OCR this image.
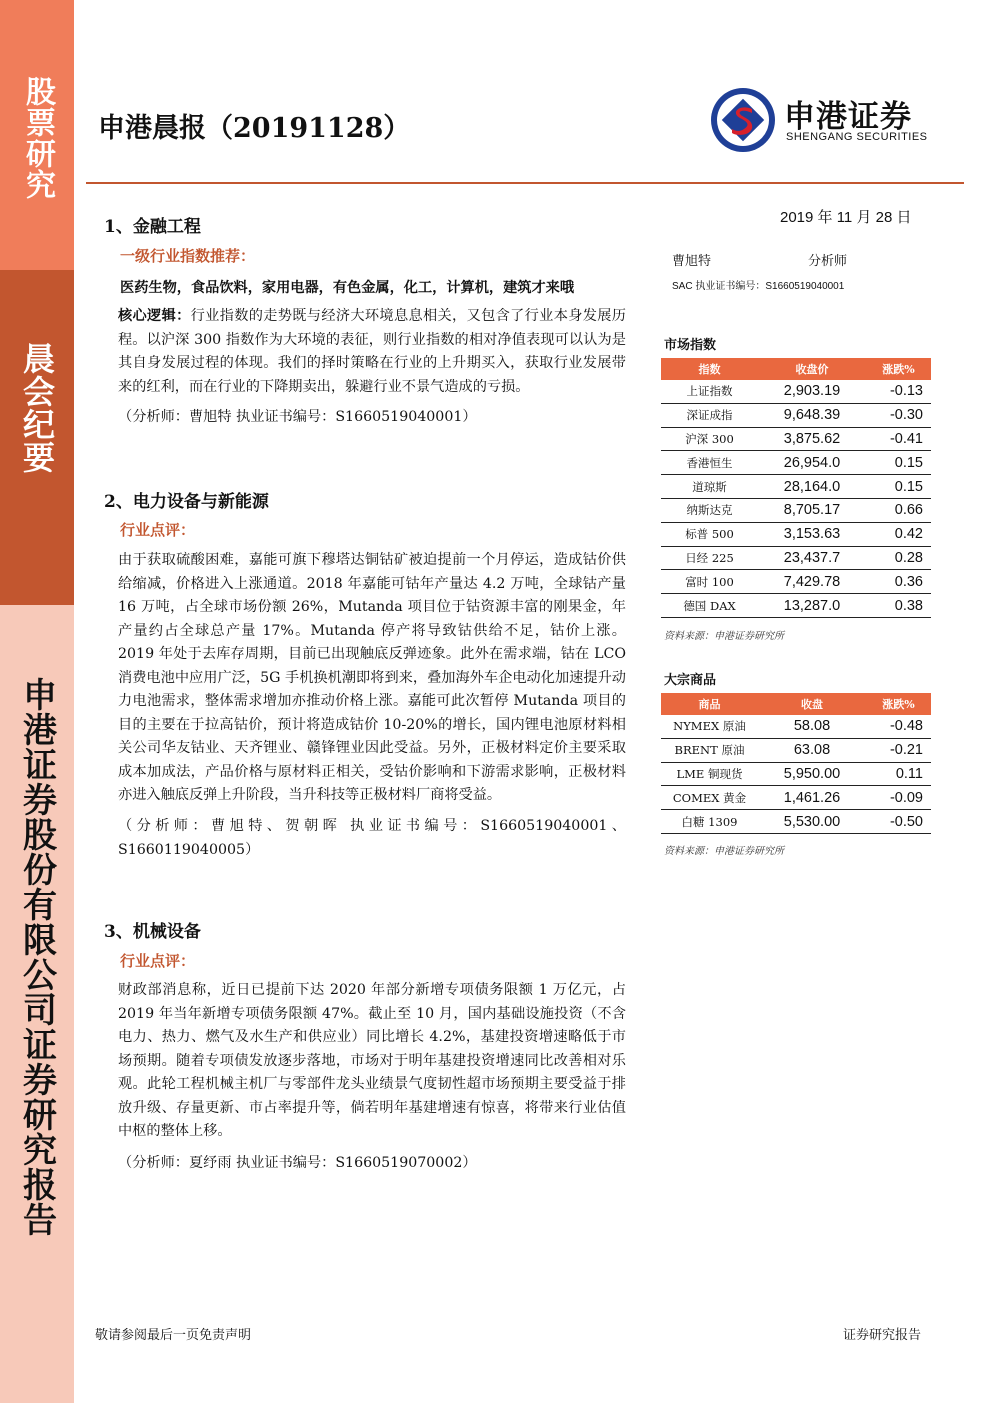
股票研究
晨会纪要
申港证券股份有限公司证券研究报告
申港晨报（20191128）	申港证券
SHENGANG SECURITIES
2019 年 11 月 28 日
曹旭特	分析师
SAC 执业证书编号：S1660519040001
1、金融工程
一级行业指数推荐：
医药生物，食品饮料，家用电器，有色金属，化工，计算机，建筑才来哦
核心逻辑：行业指数的走势既与经济大环境息息相关，又包含了行业本身发展历程。以沪深 300 指数作为大环境的表征，则行业指数的相对净值表现可以认为是其自身发展过程的体现。我们的择时策略在行业的上升期买入，获取行业发展带来的红利，而在行业的下降期卖出，躲避行业不景气造成的亏损。
（分析师：曹旭特 执业证书编号：S1660519040001）
2、电力设备与新能源
行业点评：
由于获取硫酸困难，嘉能可旗下穆塔达铜钴矿被迫提前一个月停运，造成钴价供给缩减，价格进入上涨通道。2018 年嘉能可钴年产量达 4.2 万吨，全球钴产量 16 万吨，占全球市场份额 26%，Mutanda 项目位于钴资源丰富的刚果金，年产量约占全球总产量 17%。Mutanda 停产将导致钴供给不足，钴价上涨。2019 年处于去库存周期，目前已出现触底反弹迹象。此外在需求端，钴在 LCO 消费电池中应用广泛，5G 手机换机潮即将到来，叠加海外车企电动化加速提升动力电池需求，整体需求增加亦推动价格上涨。嘉能可此次暂停 Mutanda 项目的目的主要在于拉高钴价，预计将造成钴价 10-20%的增长，国内锂电池原材料相关公司华友钴业、天齐锂业、赣锋锂业因此受益。另外，正极材料定价主要采取成本加成法，产品价格与原材料正相关，受钴价影响和下游需求影响，正极材料亦进入触底反弹上升阶段，当升科技等正极材料厂商将受益。
（分析师：曹旭特、贺朝晖 执业证书编号：S1660519040001、S1660119040005）
3、机械设备
行业点评：
财政部消息称，近日已提前下达 2020 年部分新增专项债务限额 1 万亿元，占 2019 年当年新增专项债务限额 47%。截止至 10 月，国内基础设施投资（不含电力、热力、燃气及水生产和供应业）同比增长 4.2%，基建投资增速略低于市场预期。随着专项债发放逐步落地，市场对于明年基建投资增速同比改善相对乐观。此轮工程机械主机厂与零部件龙头业绩景气度韧性超市场预期主要受益于排放升级、存量更新、市占率提升等，倘若明年基建增速有惊喜，将带来行业估值中枢的整体上移。
（分析师：夏纾雨 执业证书编号：S1660519070002）
市场指数
指数	收盘价	涨跌%
上证指数	2,903.19	-0.13
深证成指	9,648.39	-0.30
沪深 300	3,875.62	-0.41
香港恒生	26,954.0	0.15
道琼斯	28,164.0	0.15
纳斯达克	8,705.17	0.66
标普 500	3,153.63	0.42
日经 225	23,437.7	0.28
富时 100	7,429.78	0.36
德国 DAX	13,287.0	0.38
资料来源：申港证券研究所
大宗商品
商品	收盘	涨跌%
NYMEX 原油	58.08	-0.48
BRENT 原油	63.08	-0.21
LME 铜现货	5,950.00	0.11
COMEX 黄金	1,461.26	-0.09
白糖 1309	5,530.00	-0.50
资料来源：申港证券研究所
敬请参阅最后一页免责声明	证券研究报告
